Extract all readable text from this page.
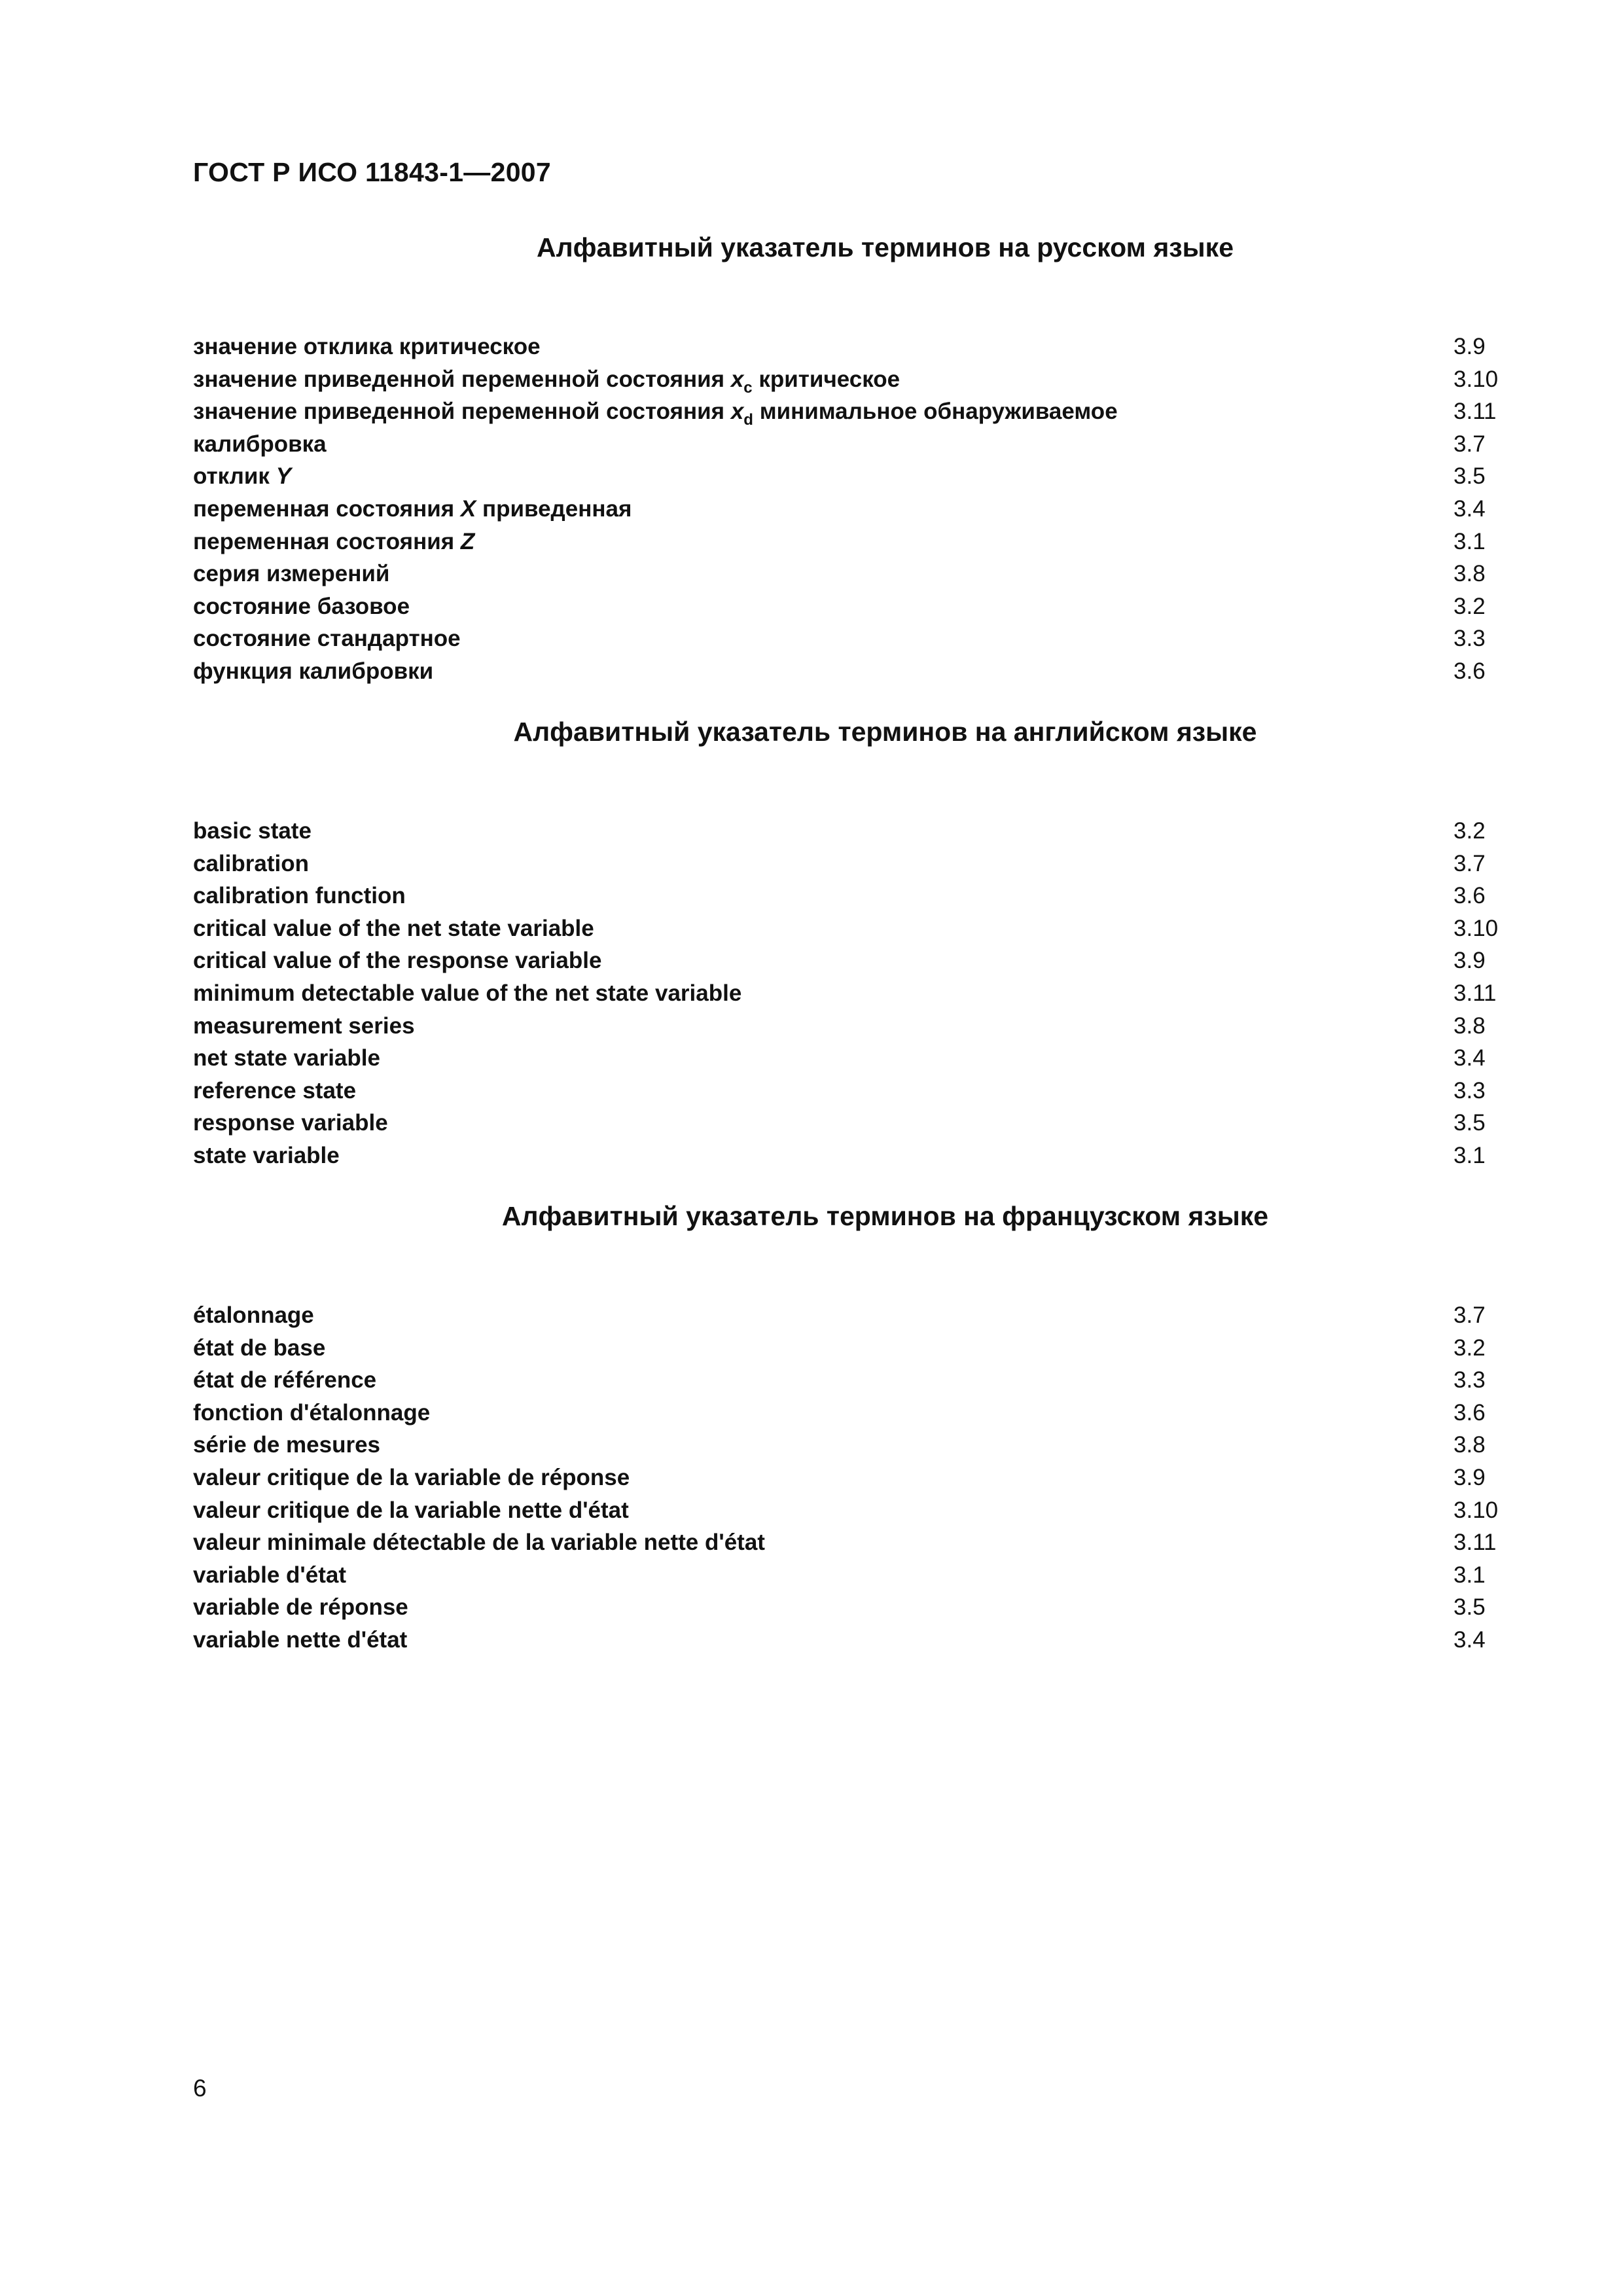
ГОСТ Р ИСО 11843-1—2007

Алфавитный указатель терминов на русском языке
значение отклика критическое	3.9
значение приведенной переменной состояния $x_c$ критическое	3.10
значение приведенной переменной состояния $x_d$ минимальное обнаруживаемое	3.11
калибровка	3.7
отклик Y	3.5
переменная состояния X приведенная	3.4
переменная состояния Z	3.1
серия измерений	3.8
состояние базовое	3.2
состояние стандартное	3.3
функция калибровки	3.6
Алфавитный указатель терминов на английском языке
basic state	3.2
calibration	3.7
calibration function	3.6
critical value of the net state variable	3.10
critical value of the response variable	3.9
minimum detectable value of the net state variable	3.11
measurement series	3.8
net state variable	3.4
reference state	3.3
response variable	3.5
state variable	3.1
Алфавитный указатель терминов на французском языке
étalonnage	3.7
état de base	3.2
état de référence	3.3
fonction d'étalonnage	3.6
série de mesures	3.8
valeur critique de la variable de réponse	3.9
valeur critique de la variable nette d'état	3.10
valeur minimale détectable de la variable nette d'état	3.11
variable d'état	3.1
variable de réponse	3.5
variable nette d'état	3.4

6
